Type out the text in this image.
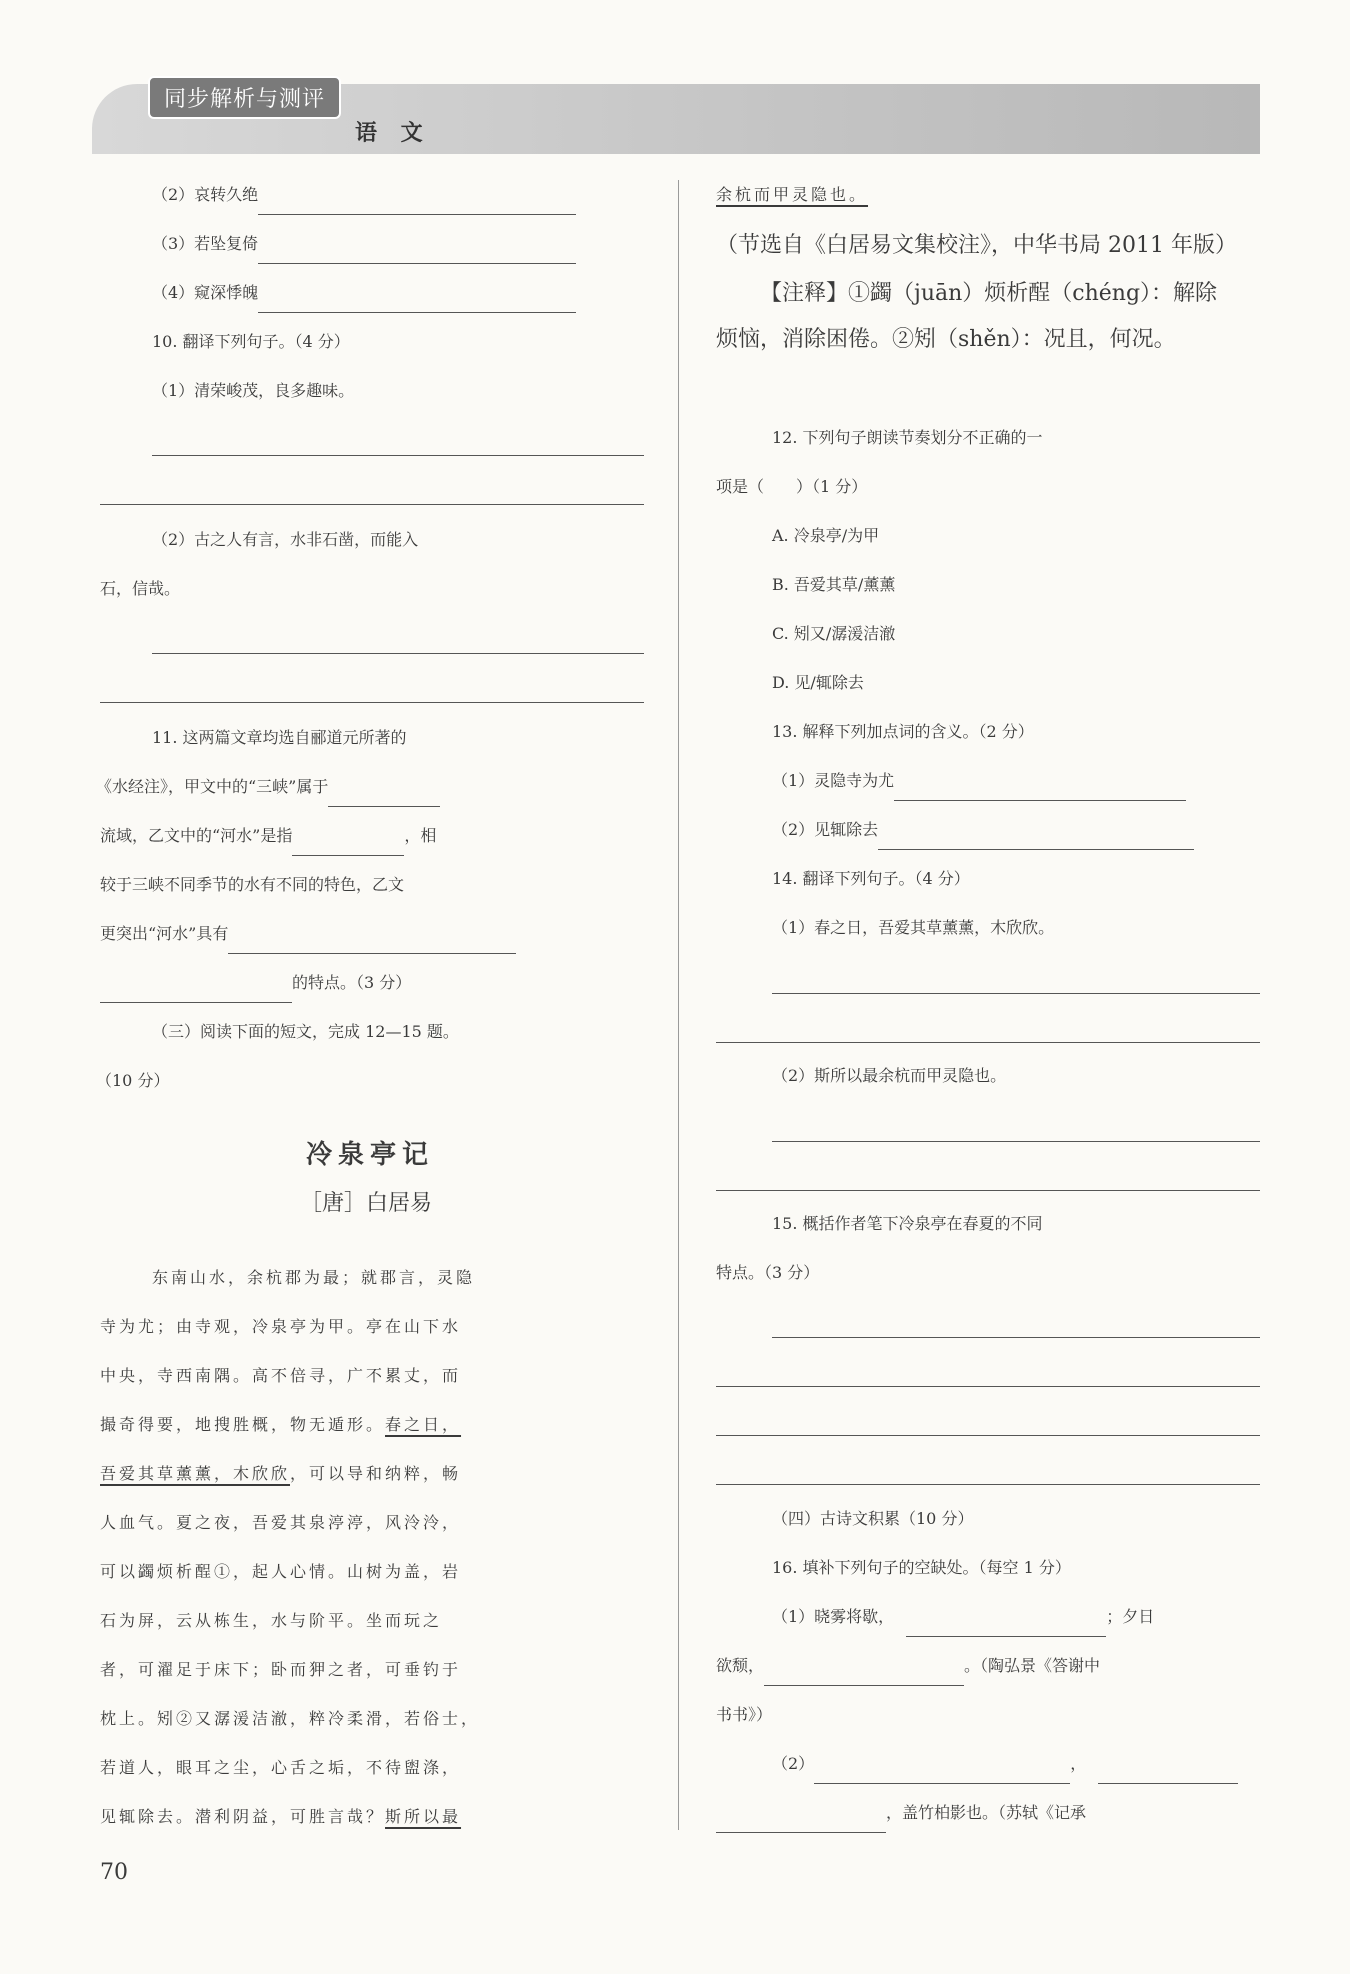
同步解析与测评
语 文
（2）哀转久绝
（3）若坠复倚
（4）窥深悸魄
10. 翻译下列句子。（4 分）
（1）清荣峻茂，良多趣味。
（2）古之人有言，水非石凿，而能入
石，信哉。
11. 这两篇文章均选自郦道元所著的
《水经注》，甲文中的“三峡”属于
流域，乙文中的“河水”是指	，相
较于三峡不同季节的水有不同的特色，乙文
更突出“河水”具有
的特点。（3 分）
（三）阅读下面的短文，完成 12—15 题。
（10 分）
冷泉亭记
［唐］白居易
东南山水，余杭郡为最；就郡言，灵隐
寺为尤；由寺观，冷泉亭为甲。亭在山下水
中央，寺西南隅。高不倍寻，广不累丈，而
撮奇得要，地搜胜概，物无遁形。春之日，
吾爱其草薰薰，木欣欣，可以导和纳粹，畅
人血气。夏之夜，吾爱其泉渟渟，风泠泠，
可以蠲烦析酲①，起人心情。山树为盖，岩
石为屏，云从栋生，水与阶平。坐而玩之
者，可濯足于床下；卧而狎之者，可垂钓于
枕上。矧②又潺湲洁澈，粹冷柔滑，若俗士，
若道人，眼耳之尘，心舌之垢，不待盥涤，
见辄除去。潜利阴益，可胜言哉？斯所以最
余杭而甲灵隐也。
（节选自《白居易文集校注》，中华书局 2011 年版）
【注释】①蠲（juān）烦析酲（chéng）：解除
烦恼，消除困倦。②矧（shěn）：况且，何况。
12. 下列句子朗读节奏划分不正确的一
项是（　　）（1 分）
A. 冷泉亭/为甲
B. 吾爱其草/薰薰
C. 矧又/潺湲洁澈
D. 见/辄除去
13. 解释下列加点词的含义。（2 分）
（1）灵隐寺为尤
（2）见辄除去
14. 翻译下列句子。（4 分）
（1）春之日，吾爱其草薰薰，木欣欣。
（2）斯所以最余杭而甲灵隐也。
15. 概括作者笔下冷泉亭在春夏的不同
特点。（3 分）
（四）古诗文积累（10 分）
16. 填补下列句子的空缺处。（每空 1 分）
（1）晓雾将歇，	；夕日
欲颓，	。（陶弘景《答谢中
书书》）
（2）	，
，盖竹柏影也。（苏轼《记承
70
